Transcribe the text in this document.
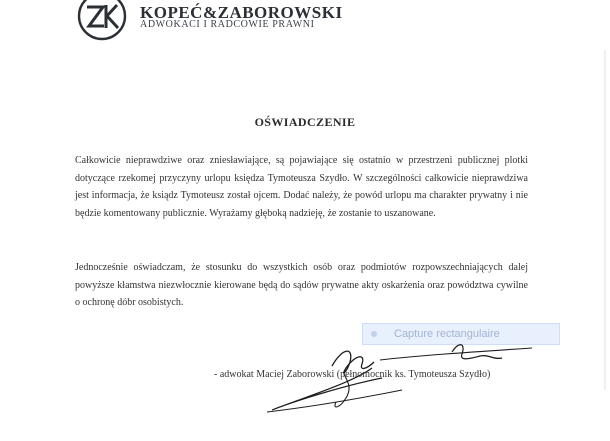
KOPEĆ&ZABOROWSKI
ADWOKACI I RADCOWIE PRAWNI
OŚWIADCZENIE
Całkowicie nieprawdziwe oraz zniesławiające, są pojawiające się ostatnio w przestrzeni publicznej plotki dotyczące rzekomej przyczyny urlopu księdza Tymoteusza Szydło. W szczególności całkowicie nieprawdziwa jest informacja, że ksiądz Tymoteusz został ojcem. Dodać należy, że powód urlopu ma charakter prywatny i nie będzie komentowany publicznie. Wyrażamy głęboką nadzieję, że zostanie to uszanowane.
Jednocześnie oświadczam, że stosunku do wszystkich osób oraz podmiotów rozpowszechniających dalej powyższe kłamstwa niezwłocznie kierowane będą do sądów prywatne akty oskarżenia oraz powództwa cywilne o ochronę dóbr osobistych.
Capture rectangulaire
- adwokat Maciej Zaborowski (pełnomocnik ks. Tymoteusza Szydło)
